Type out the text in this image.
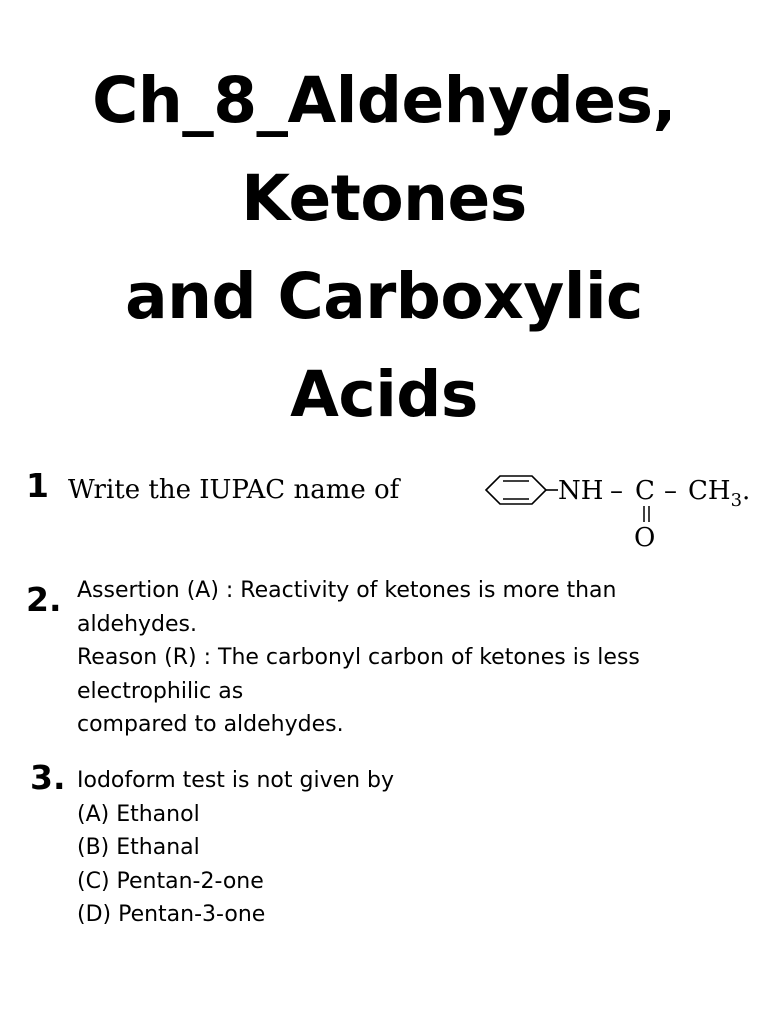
Ch_8_Aldehydes,
Ketones
and Carboxylic
Acids
1 Write the IUPAC name of	NH – C – $CH_3$.
O
2. Assertion (A) : Reactivity of ketones is more than
aldehydes.
Reason (R) : The carbonyl carbon of ketones is less
electrophilic as
compared to aldehydes.
3. Iodoform test is not given by
(A) Ethanol
(B) Ethanal
(C) Pentan-2-one
(D) Pentan-3-one
